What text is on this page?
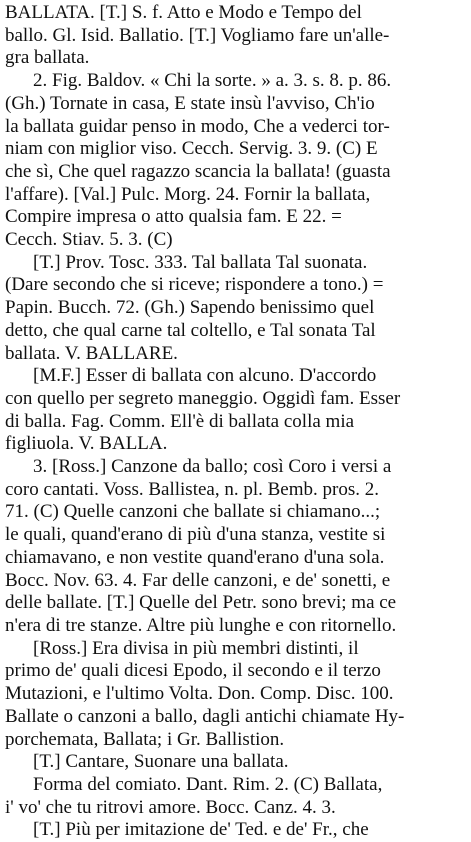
BALLATA. [T.] S. f. Atto e Modo e Tempo del
ballo. Gl. Isid. Ballatio. [T.] Vogliamo fare un'alle-
gra ballata.

2. Fig. Baldov. « Chi la sorte. » a. 3. s. 8. p. 86.
(Gh.) Tornate in casa, E state insù l'avviso, Ch'io
la ballata guidar penso in modo, Che a vederci tor-
niam con miglior viso. Cecch. Servig. 3. 9. (C) E
che sì, Che quel ragazzo scancia la ballata! (guasta
l'affare). [Val.] Pulc. Morg. 24. Fornir la ballata,
Compire impresa o atto qualsia fam. E 22. =
Cecch. Stiav. 5. 3. (C)

[T.] Prov. Tosc. 333. Tal ballata Tal suonata.
(Dare secondo che si riceve; rispondere a tono.) =
Papin. Bucch. 72. (Gh.) Sapendo benissimo quel
detto, che qual carne tal coltello, e Tal sonata Tal
ballata. V. BALLARE.

[M.F.] Esser di ballata con alcuno. D'accordo
con quello per segreto maneggio. Oggidì fam. Esser
di balla. Fag. Comm. Ell'è di ballata colla mia
figliuola. V. BALLA.

3. [Ross.] Canzone da ballo; così Coro i versi a
coro cantati. Voss. Ballistea, n. pl. Bemb. pros. 2.
71. (C) Quelle canzoni che ballate si chiamano...;
le quali, quand'erano di più d'una stanza, vestite si
chiamavano, e non vestite quand'erano d'una sola.
Bocc. Nov. 63. 4. Far delle canzoni, e de' sonetti, e
delle ballate. [T.] Quelle del Petr. sono brevi; ma ce
n'era di tre stanze. Altre più lunghe e con ritornello.

[Ross.] Era divisa in più membri distinti, il
primo de' quali dicesi Epodo, il secondo e il terzo
Mutazioni, e l'ultimo Volta. Don. Comp. Disc. 100.
Ballate o canzoni a ballo, dagli antichi chiamate Hy-
porchemata, Ballata; i Gr. Ballistion.

[T.] Cantare, Suonare una ballata.

Forma del comiato. Dant. Rim. 2. (C) Ballata,
i' vo' che tu ritrovi amore. Bocc. Canz. 4. 3.

[T.] Più per imitazione de' Ted. e de' Fr., che
